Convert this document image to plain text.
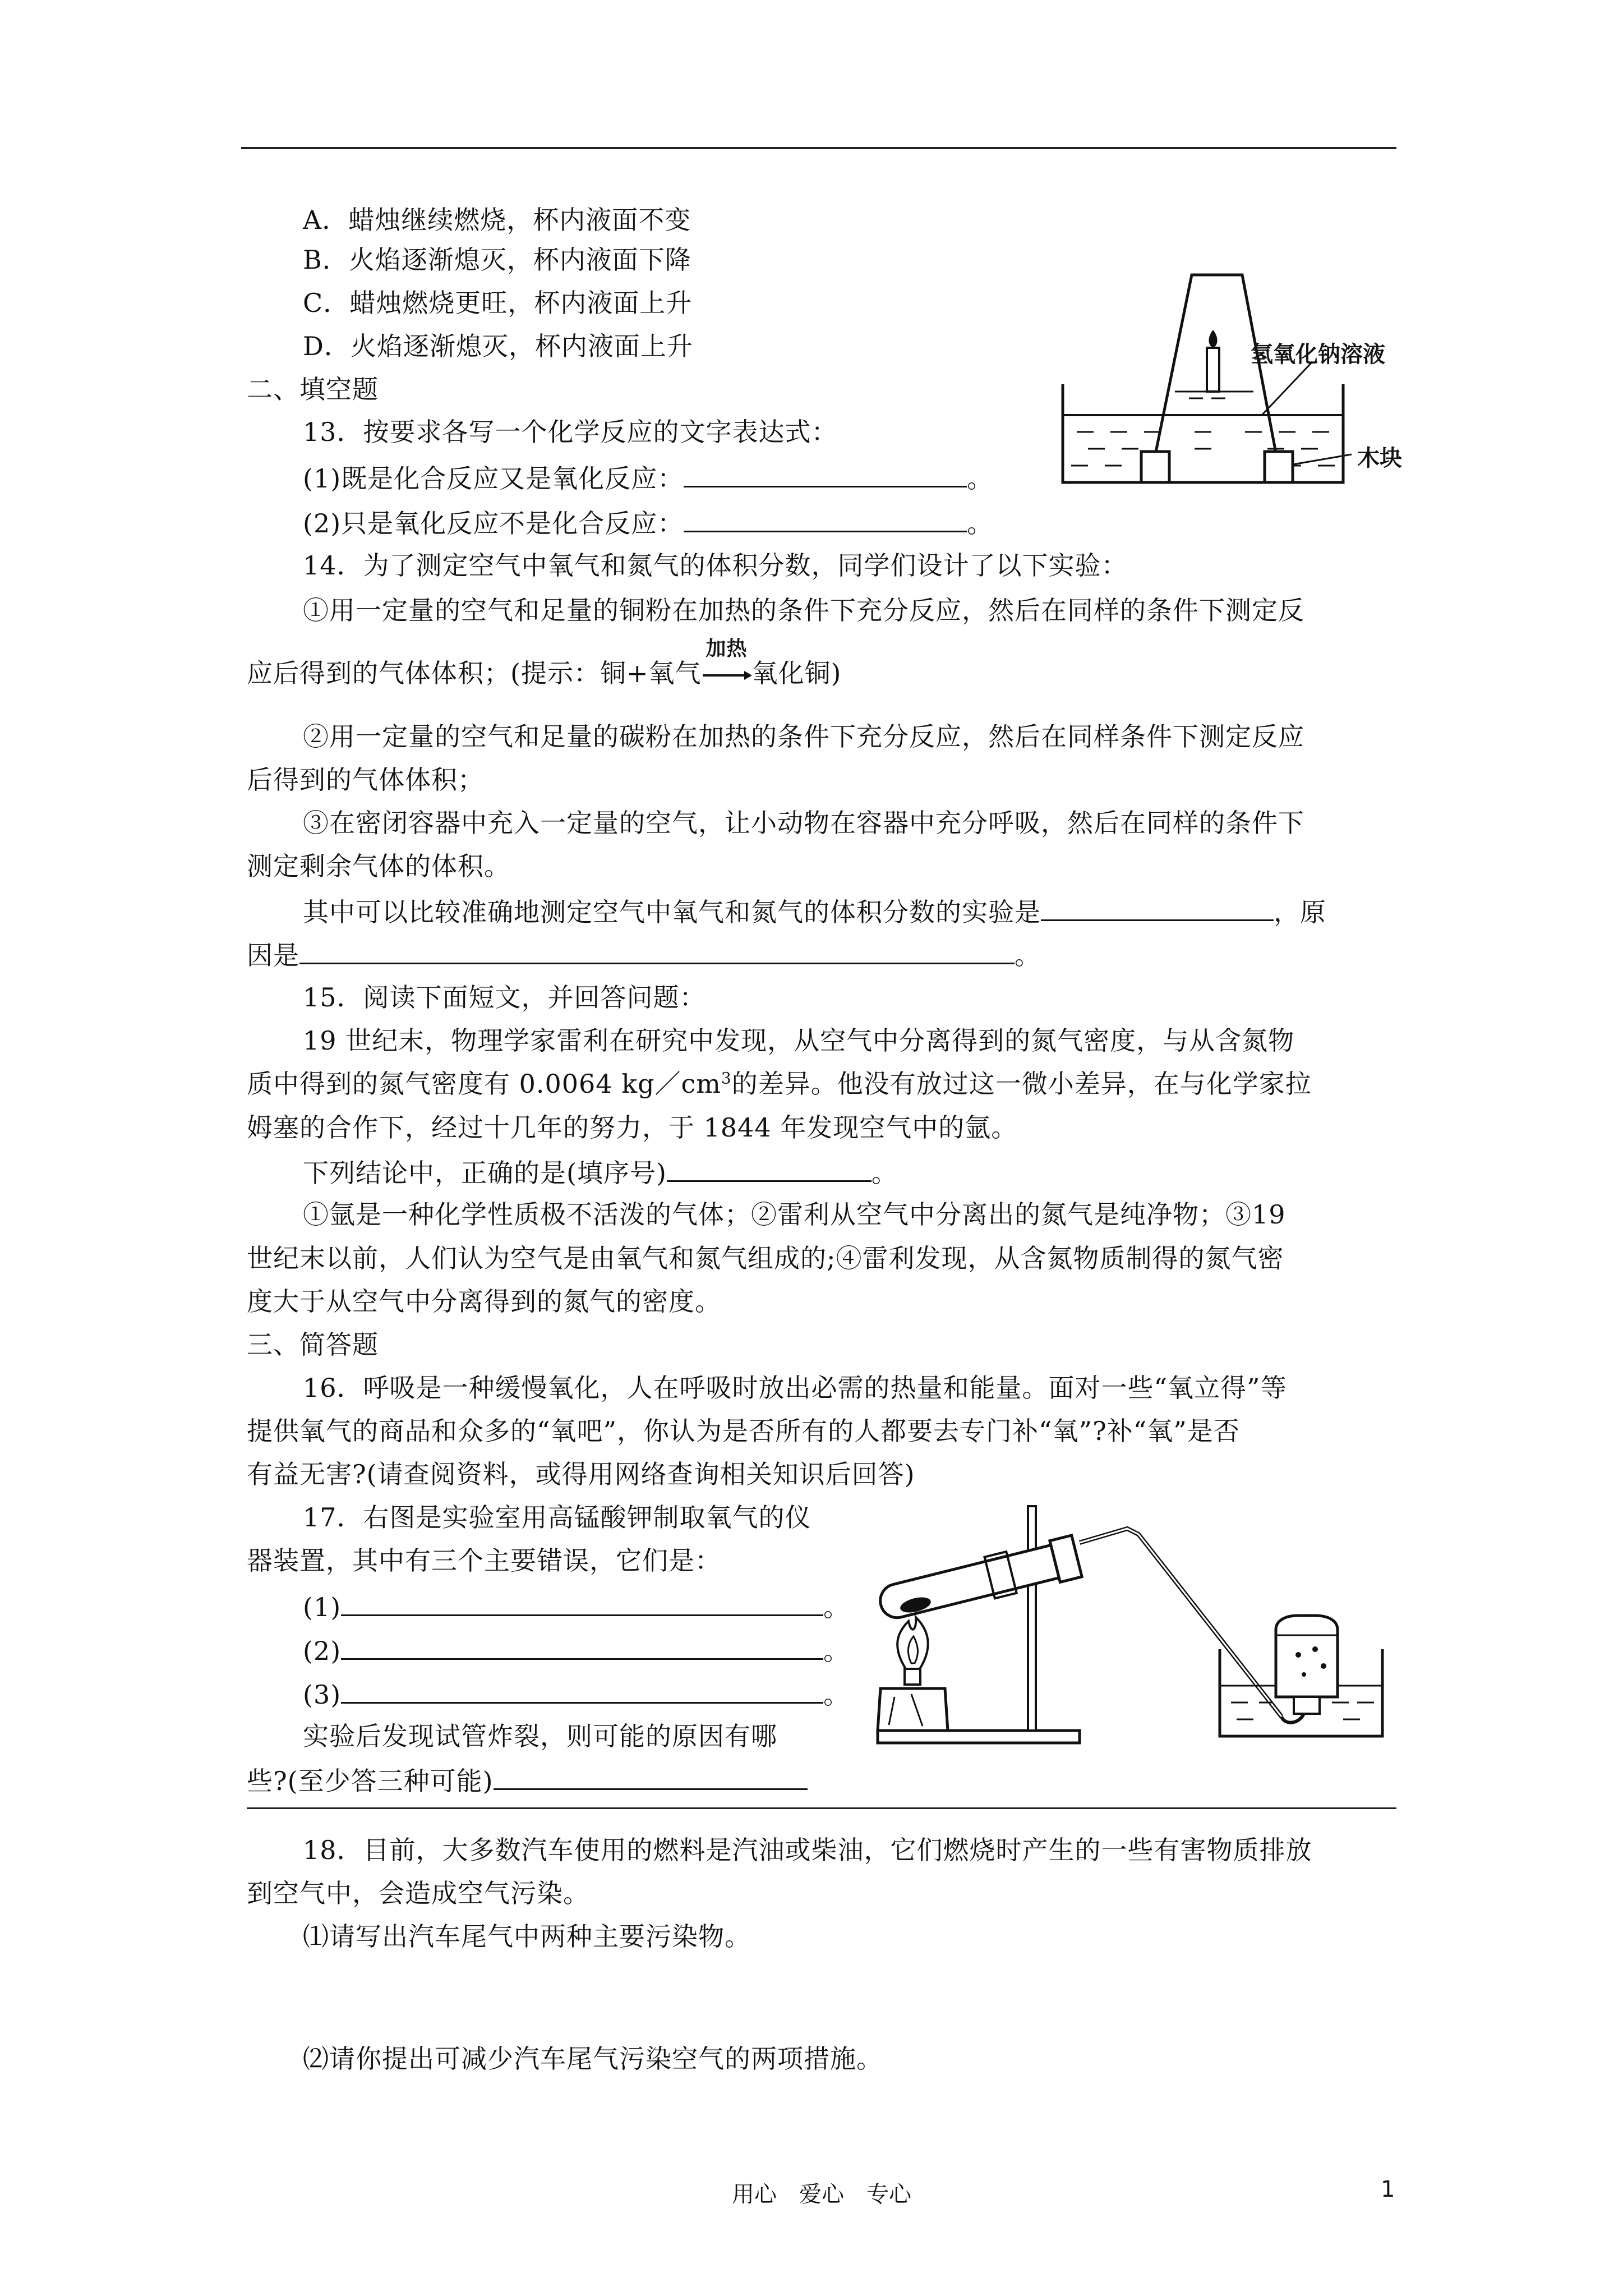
A．蜡烛继续燃烧，杯内液面不变
B．火焰逐渐熄灭，杯内液面下降
C．蜡烛燃烧更旺，杯内液面上升
D．火焰逐渐熄灭，杯内液面上升	氢氧化钠溶液
木块
二、填空题
13．按要求各写一个化学反应的文字表达式：
(1)既是化合反应又是氧化反应：	。
(2)只是氧化反应不是化合反应：	。
14．为了测定空气中氧气和氮气的体积分数，同学们设计了以下实验：
①用一定量的空气和足量的铜粉在加热的条件下充分反应，然后在同样的条件下测定反
应后得到的气体体积；(提示：铜+氧气
加热
氧化铜)
②用一定量的空气和足量的碳粉在加热的条件下充分反应，然后在同样条件下测定反应
后得到的气体体积；
③在密闭容器中充入一定量的空气，让小动物在容器中充分呼吸，然后在同样的条件下
测定剩余气体的体积。
其中可以比较准确地测定空气中氧气和氮气的体积分数的实验是	，原
因是	。
15．阅读下面短文，并回答问题：
19 世纪末，物理学家雷利在研究中发现，从空气中分离得到的氮气密度，与从含氮物
质中得到的氮气密度有 0.0064 $kg/cm^3$的差异。他没有放过这一微小差异，在与化学家拉
姆塞的合作下，经过十几年的努力，于 1844 年发现空气中的氩。
下列结论中，正确的是(填序号)	。
①氩是一种化学性质极不活泼的气体；②雷利从空气中分离出的氮气是纯净物；③19
世纪末以前，人们认为空气是由氧气和氮气组成的;④雷利发现，从含氮物质制得的氮气密
度大于从空气中分离得到的氮气的密度。
三、简答题
16．呼吸是一种缓慢氧化，人在呼吸时放出必需的热量和能量。面对一些“氧立得”等
提供氧气的商品和众多的“氧吧”，你认为是否所有的人都要去专门补“氧”?补“氧”是否
有益无害?(请查阅资料，或得用网络查询相关知识后回答)
17．右图是实验室用高锰酸钾制取氧气的仪
器装置，其中有三个主要错误，它们是：
(1)	。
(2)	。
(3)	。
实验后发现试管炸裂，则可能的原因有哪
些?(至少答三种可能)
18．目前，大多数汽车使用的燃料是汽油或柴油，它们燃烧时产生的一些有害物质排放
到空气中，会造成空气污染。
⑴请写出汽车尾气中两种主要污染物。
⑵请你提出可减少汽车尾气污染空气的两项措施。
用心　爱心　专心	1
